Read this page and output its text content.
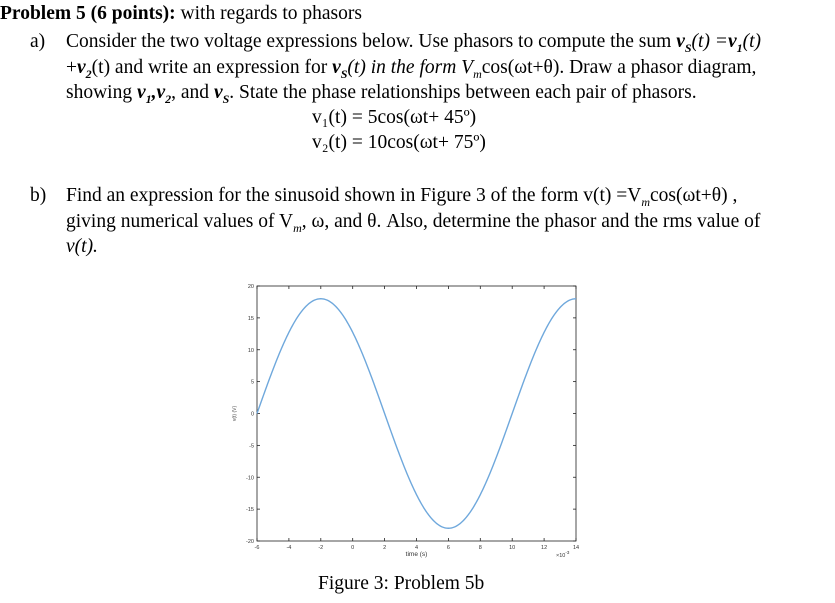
Problem 5 (6 points): with regards to phasors
a) Consider the two voltage expressions below. Use phasors to compute the sum $v_S(t) =v_1(t)$
$+v_2(t)$ and write an expression for $v_S(t)$ in the form $V_m\cos(\omega t+\theta)$. Draw a phasor diagram,
showing $v_1,v_2$, and $v_S$. State the phase relationships between each pair of phasors.
v₁(t) = 5cos(ωt+ 45º)
v₂(t) = 10cos(ωt+ 75º)
b) Find an expression for the sinusoid shown in Figure 3 of the form $v(t) =V_m\cos(\omega t+\theta)$ ,
giving numerical values of $V_m$, ω, and θ. Also, determine the phasor and the rms value of
v(t).
-6	-4	-2	0	2	4	6	8	10	12	14
20
15
10
5
0
-5
-10
-15
-20
time (s)
v(t) (V)
$\times 10^{-3}$
Figure 3: Problem 5b
